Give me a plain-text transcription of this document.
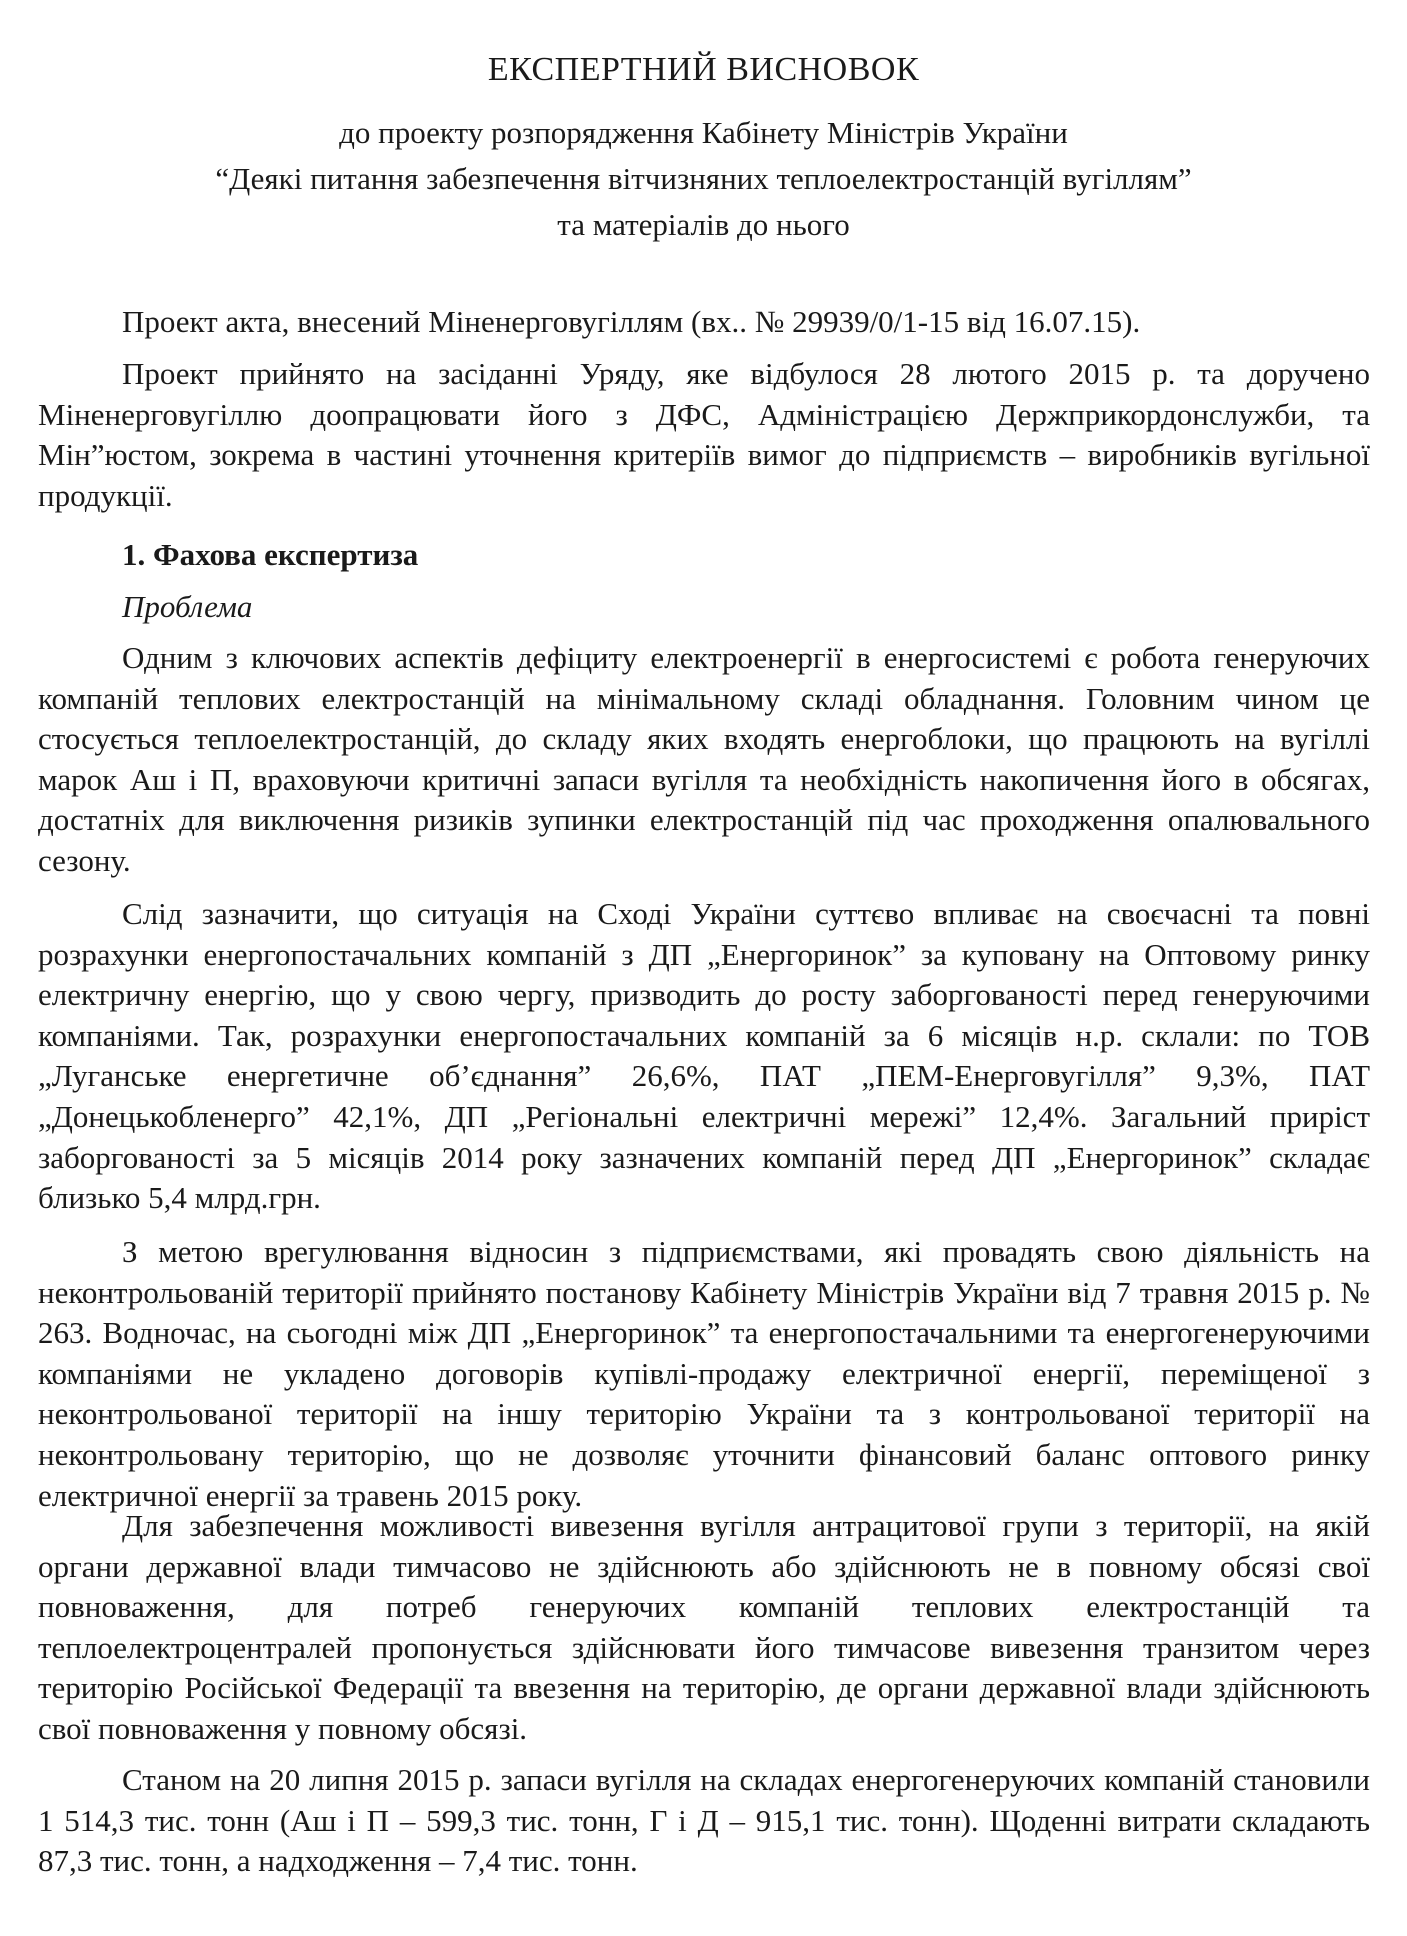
ЕКСПЕРТНИЙ ВИСНОВОК
до проекту розпорядження Кабінету Міністрів України
“Деякі питання забезпечення вітчизняних теплоелектростанцій вугіллям”
та матеріалів до нього
Проект акта, внесений Міненерговугіллям (вх.. № 29939/0/1-15 від 16.07.15).
Проект прийнято на засіданні Уряду, яке відбулося 28 лютого 2015 р. та доручено Міненерговугіллю доопрацювати його з ДФС, Адміністрацією Держприкордонслужби, та Мін”юстом, зокрема в частині уточнення критеріїв вимог до підприємств – виробників вугільної продукції.
1. Фахова експертиза
Проблема
Одним з ключових аспектів дефіциту електроенергії в енергосистемі є робота генеруючих компаній теплових електростанцій на мінімальному складі обладнання. Головним чином це стосується теплоелектростанцій, до складу яких входять енергоблоки, що працюють на вугіллі марок Аш і П, враховуючи критичні запаси вугілля та необхідність накопичення його в обсягах, достатніх для виключення ризиків зупинки електростанцій під час проходження опалювального сезону.
Слід зазначити, що ситуація на Сході України суттєво впливає на своєчасні та повні розрахунки енергопостачальних компаній з ДП „Енергоринок” за куповану на Оптовому ринку електричну енергію, що у свою чергу, призводить до росту заборгованості перед генеруючими компаніями. Так, розрахунки енергопостачальних компаній за 6 місяців н.р. склали: по ТОВ „Луганське енергетичне об’єднання” 26,6%, ПАТ „ПЕМ-Енерговугілля” 9,3%, ПАТ „Донецькобленерго” 42,1%, ДП „Регіональні електричні мережі” 12,4%. Загальний приріст заборгованості за 5 місяців 2014 року зазначених компаній перед ДП „Енергоринок” складає близько 5,4 млрд.грн.
З метою врегулювання відносин з підприємствами, які провадять свою діяльність на неконтрольованій території прийнято постанову Кабінету Міністрів України від 7 травня 2015 р. № 263. Водночас, на сьогодні між ДП „Енергоринок” та енергопостачальними та енергогенеруючими компаніями не укладено договорів купівлі-продажу електричної енергії, переміщеної з неконтрольованої території на іншу територію України та з контрольованої території на неконтрольовану територію, що не дозволяє уточнити фінансовий баланс оптового ринку електричної енергії за травень 2015 року.
Для забезпечення можливості вивезення вугілля антрацитової групи з території, на якій органи державної влади тимчасово не здійснюють або здійснюють не в повному обсязі свої повноваження, для потреб генеруючих компаній теплових електростанцій та теплоелектроцентралей пропонується здійснювати його тимчасове вивезення транзитом через територію Російської Федерації та ввезення на територію, де органи державної влади здійснюють свої повноваження у повному обсязі.
Станом на 20 липня 2015 р. запаси вугілля на складах енергогенеруючих компаній становили 1 514,3 тис. тонн (Аш і П – 599,3 тис. тонн, Г і Д – 915,1 тис. тонн). Щоденні витрати складають 87,3 тис. тонн, а надходження – 7,4 тис. тонн.
